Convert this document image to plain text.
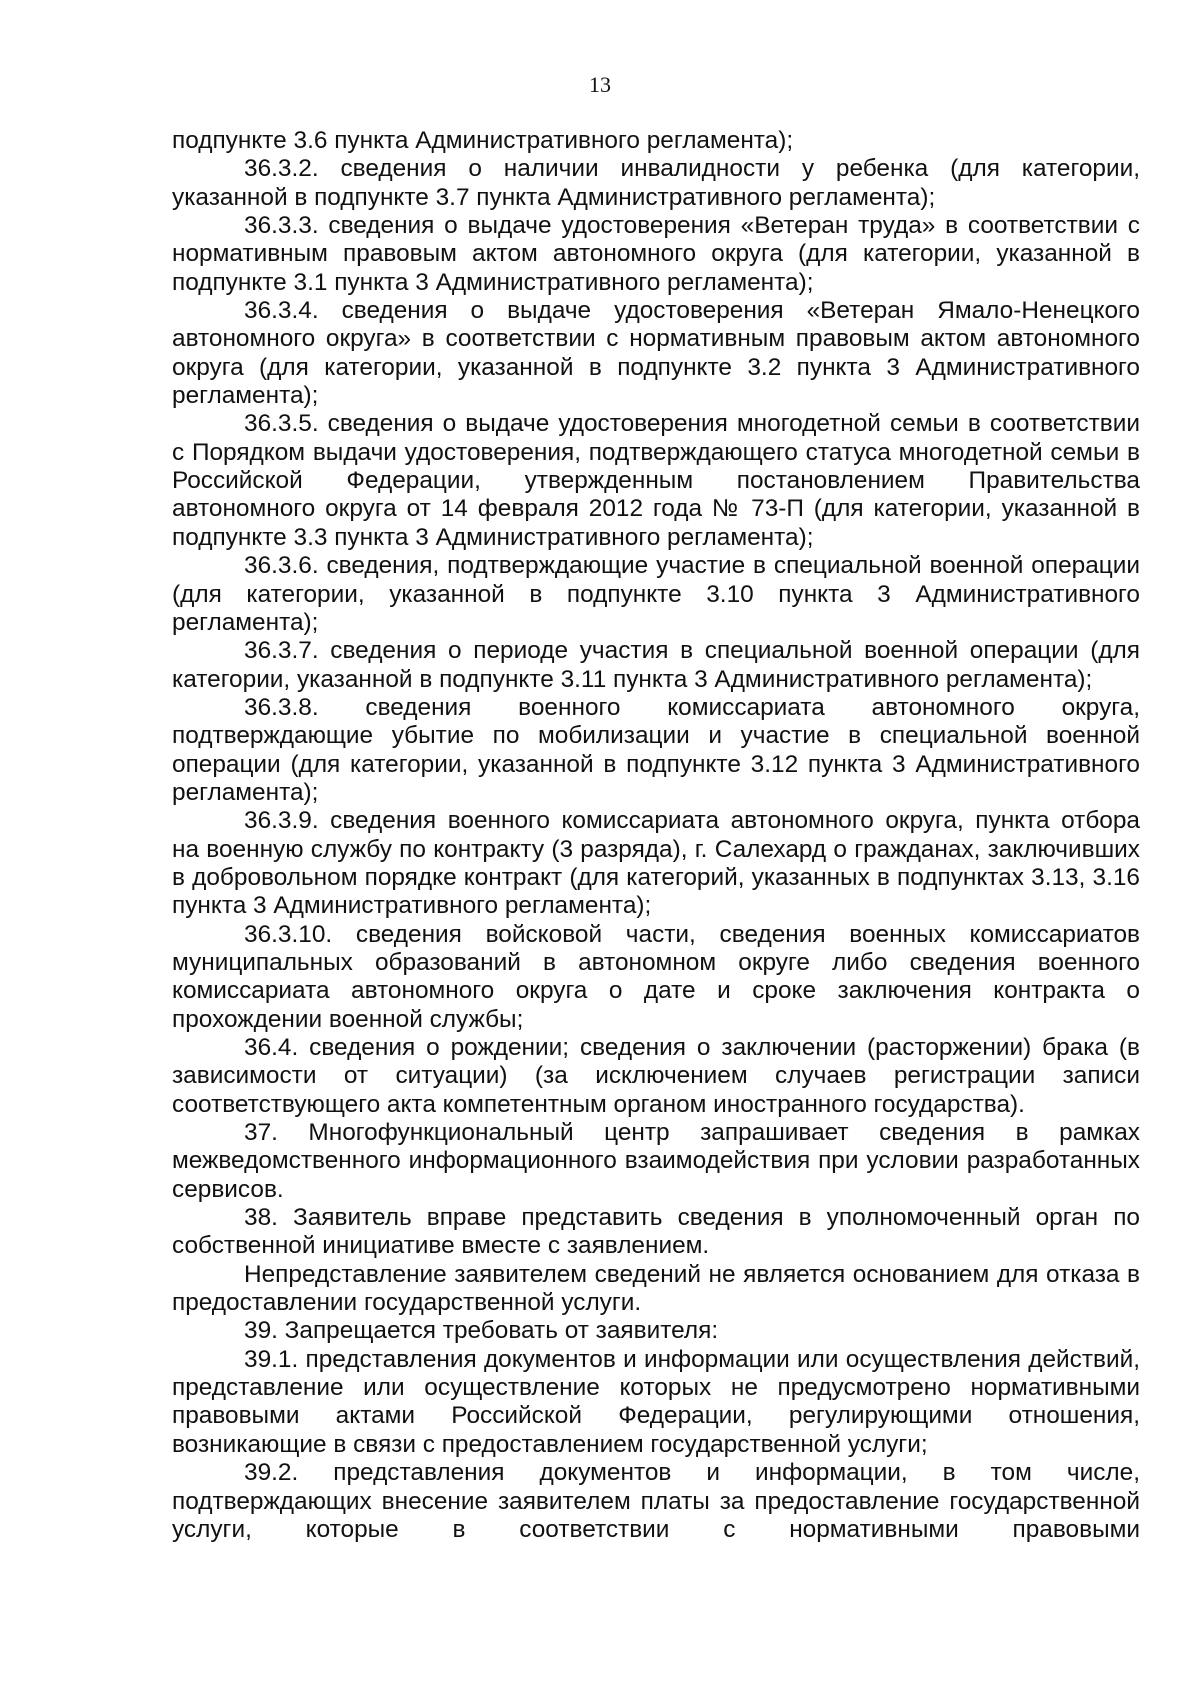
13

подпункте 3.6 пункта Административного регламента);

36.3.2. сведения о наличии инвалидности у ребенка (для категории, указанной в подпункте 3.7 пункта Административного регламента);

36.3.3. сведения о выдаче удостоверения «Ветеран труда» в соответствии с нормативным правовым актом автономного округа (для категории, указанной в подпункте 3.1 пункта 3 Административного регламента);

36.3.4. сведения о выдаче удостоверения «Ветеран Ямало-Ненецкого автономного округа» в соответствии с нормативным правовым актом автономного округа (для категории, указанной в подпункте 3.2 пункта 3 Административного регламента);

36.3.5. сведения о выдаче удостоверения многодетной семьи в соответствии с Порядком выдачи удостоверения, подтверждающего статуса многодетной семьи в Российской Федерации, утвержденным постановлением Правительства автономного округа от 14 февраля 2012 года № 73-П (для категории, указанной в подпункте 3.3 пункта 3 Административного регламента);

36.3.6. сведения, подтверждающие участие в специальной военной операции (для категории, указанной в подпункте 3.10 пункта 3 Административного регламента);

36.3.7. сведения о периоде участия в специальной военной операции (для категории, указанной в подпункте 3.11 пункта 3 Административного регламента);

36.3.8. сведения военного комиссариата автономного округа, подтверждающие убытие по мобилизации и участие в специальной военной операции (для категории, указанной в подпункте 3.12 пункта 3 Административного регламента);

36.3.9. сведения военного комиссариата автономного округа, пункта отбора на военную службу по контракту (3 разряда), г. Салехард о гражданах, заключивших в добровольном порядке контракт (для категорий, указанных в подпунктах 3.13, 3.16 пункта 3 Административного регламента);

36.3.10. сведения войсковой части, сведения военных комиссариатов муниципальных образований в автономном округе либо сведения военного комиссариата автономного округа о дате и сроке заключения контракта о прохождении военной службы;

36.4. сведения о рождении; сведения о заключении (расторжении) брака (в зависимости от ситуации) (за исключением случаев регистрации записи соответствующего акта компетентным органом иностранного государства).

37. Многофункциональный центр запрашивает сведения в рамках межведомственного информационного взаимодействия при условии разработанных сервисов.

38. Заявитель вправе представить сведения в уполномоченный орган по собственной инициативе вместе с заявлением.

Непредставление заявителем сведений не является основанием для отказа в предоставлении государственной услуги.

39. Запрещается требовать от заявителя:

39.1. представления документов и информации или осуществления действий, представление или осуществление которых не предусмотрено нормативными правовыми актами Российской Федерации, регулирующими отношения, возникающие в связи с предоставлением государственной услуги;

39.2. представления документов и информации, в том числе, подтверждающих внесение заявителем платы за предоставление государственной услуги, которые в соответствии с нормативными правовыми
